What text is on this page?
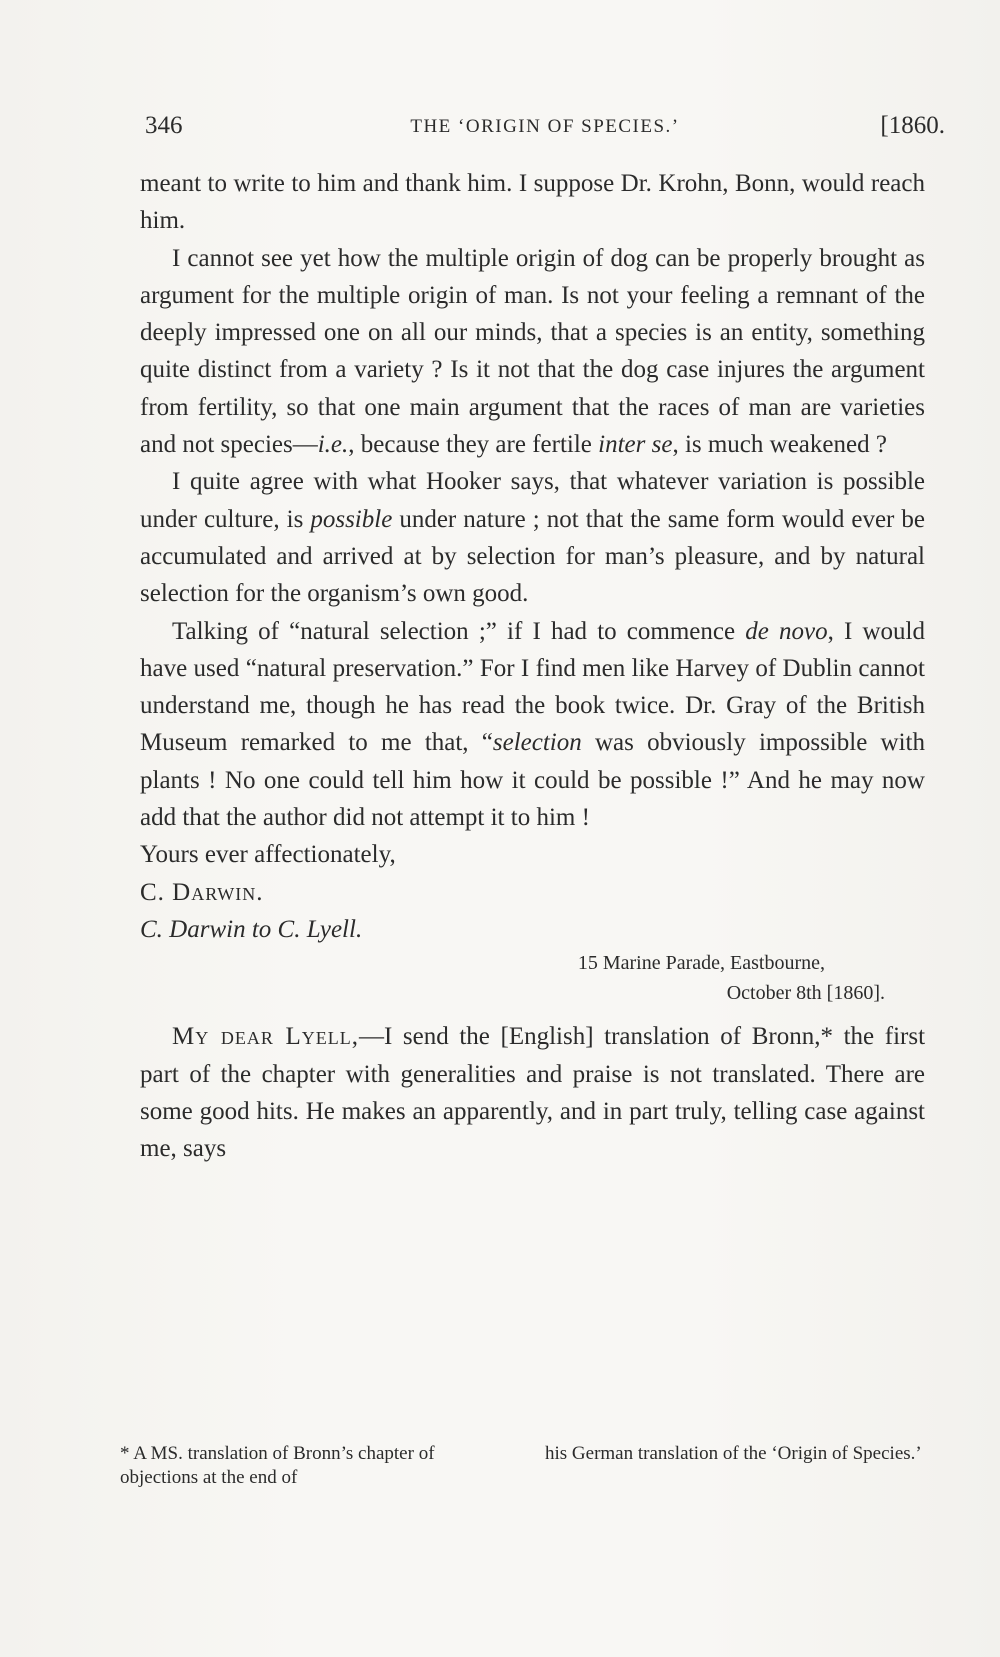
346	THE ‘ORIGIN OF SPECIES.’	[1860.

meant to write to him and thank him. I suppose Dr. Krohn, Bonn, would reach him.

I cannot see yet how the multiple origin of dog can be properly brought as argument for the multiple origin of man. Is not your feeling a remnant of the deeply impressed one on all our minds, that a species is an entity, something quite distinct from a variety ? Is it not that the dog case injures the argument from fertility, so that one main argument that the races of man are varieties and not species—i.e., because they are fertile inter se, is much weakened ?

I quite agree with what Hooker says, that whatever variation is possible under culture, is possible under nature ; not that the same form would ever be accumulated and arrived at by selection for man’s pleasure, and by natural selection for the organism’s own good.

Talking of “natural selection ;” if I had to commence de novo, I would have used “natural preservation.” For I find men like Harvey of Dublin cannot understand me, though he has read the book twice. Dr. Gray of the British Museum remarked to me that, “selection was obviously impossible with plants ! No one could tell him how it could be possible !” And he may now add that the author did not attempt it to him !

Yours ever affectionately,

C. Darwin.

C. Darwin to C. Lyell.

15 Marine Parade, Eastbourne,
October 8th [1860].

My dear Lyell,—I send the [English] translation of Bronn,* the first part of the chapter with generalities and praise is not translated. There are some good hits. He makes an apparently, and in part truly, telling case against me, says

* A MS. translation of Bronn’s chapter of objections at the end of
his German translation of the ‘Origin of Species.’
